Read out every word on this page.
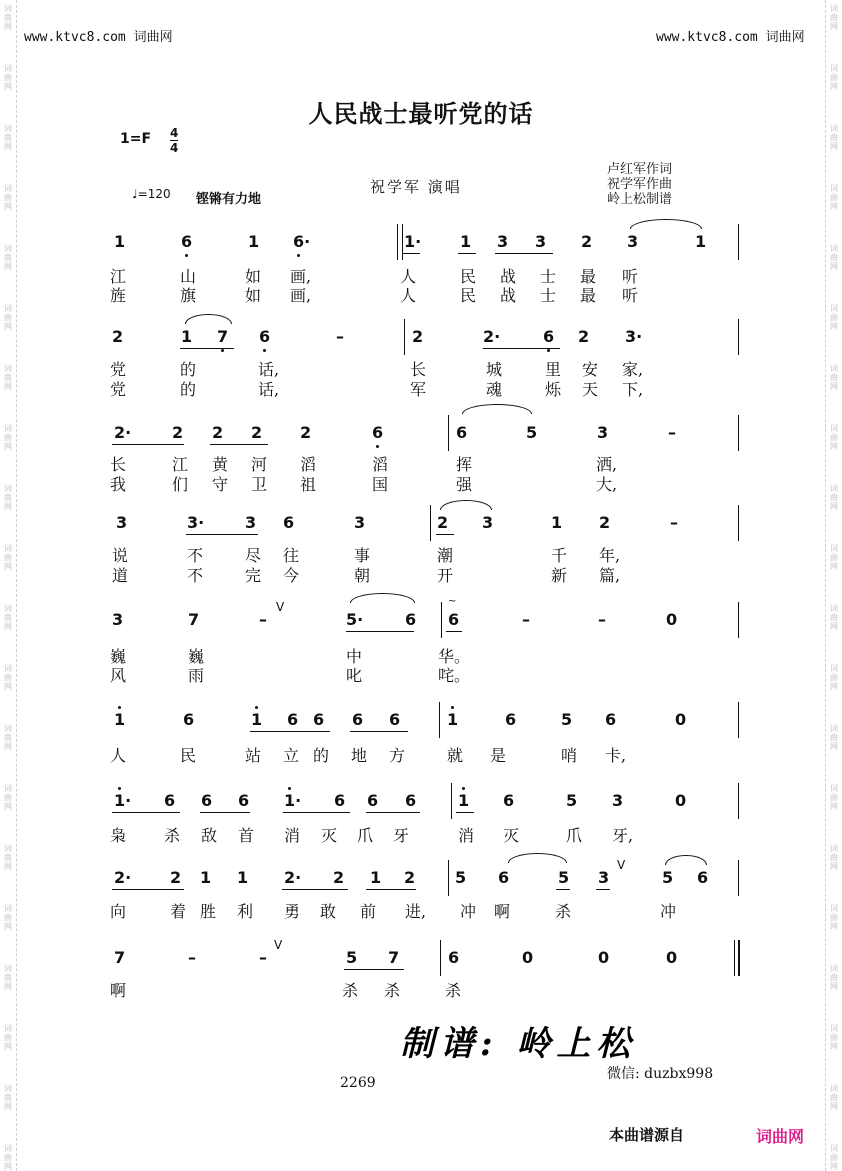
词
曲
网
词
曲
网
词
曲
网
词
曲
网
词
曲
网
词
曲
网
词
曲
网
词
曲
网
词
曲
网
词
曲
网
词
曲
网
词
曲
网
词
曲
网
词
曲
网
词
曲
网
词
曲
网
词
曲
网
词
曲
网
词
曲
网
词
曲
网
词
曲
网
词
曲
网
词
曲
网
词
曲
网
词
曲
网
词
曲
网
词
曲
网
词
曲
网
词
曲
网
词
曲
网
词
曲
网
词
曲
网
词
曲
网
词
曲
网
词
曲
网
词
曲
网
词
曲
网
词
曲
网
词
曲
网
词
曲
网
www.ktvc8.com 词曲网	www.ktvc8.com 词曲网
人民战士最听党的话
1=F 4
4
♩=120 铿锵有力地
祝学军 演唱
卢红军作词
祝学军作曲
岭上松制谱
1	6	1 6·	1· 1 3 3 2 3	1
江	山	如 画,	人	民 战 士 最 听
旌	旗	如 画,	人	民 战 士 最 听
2	1 7 6	–	2	2·	6 2 3·
党	的	话,	长	城	里 安 家,
党	的	话,	军	魂	烁 天 下,
2·	2 2 2 2	6	6	5	3	–
长	江 黄 河 滔	滔	挥	洒,
我	们 守 卫 祖	国	强	大,
3	3·	3 6	3	2 3	1 2	–
说	不	尽 往	事	潮	千 年,
道	不	完 今	朝	开	新 篇,
3	7	–	5·	6 6	–	–	0
V	~
巍	巍	中	华。
风	雨	叱	咤。
1	6	1 6 6 6 6	1	6	5 6	0
人	民	站 立 的 地 方	就 是	哨 卡,
1· 6 6 6 1· 6 6 6	1 6	5 3	0
枭 杀 敌 首 消 灭 爪 牙	消 灭	爪 牙,
2· 2 1 1 2· 2 1 2 5 6	5 3	5 6
V
向	着 胜 利 勇 敢 前 进, 冲 啊	杀	冲
7	–	–	5 7	6	0	0	0
V
啊	杀 杀	杀
制谱: 岭上松
2269
微信: duzbx998
本曲谱源自	词曲网
